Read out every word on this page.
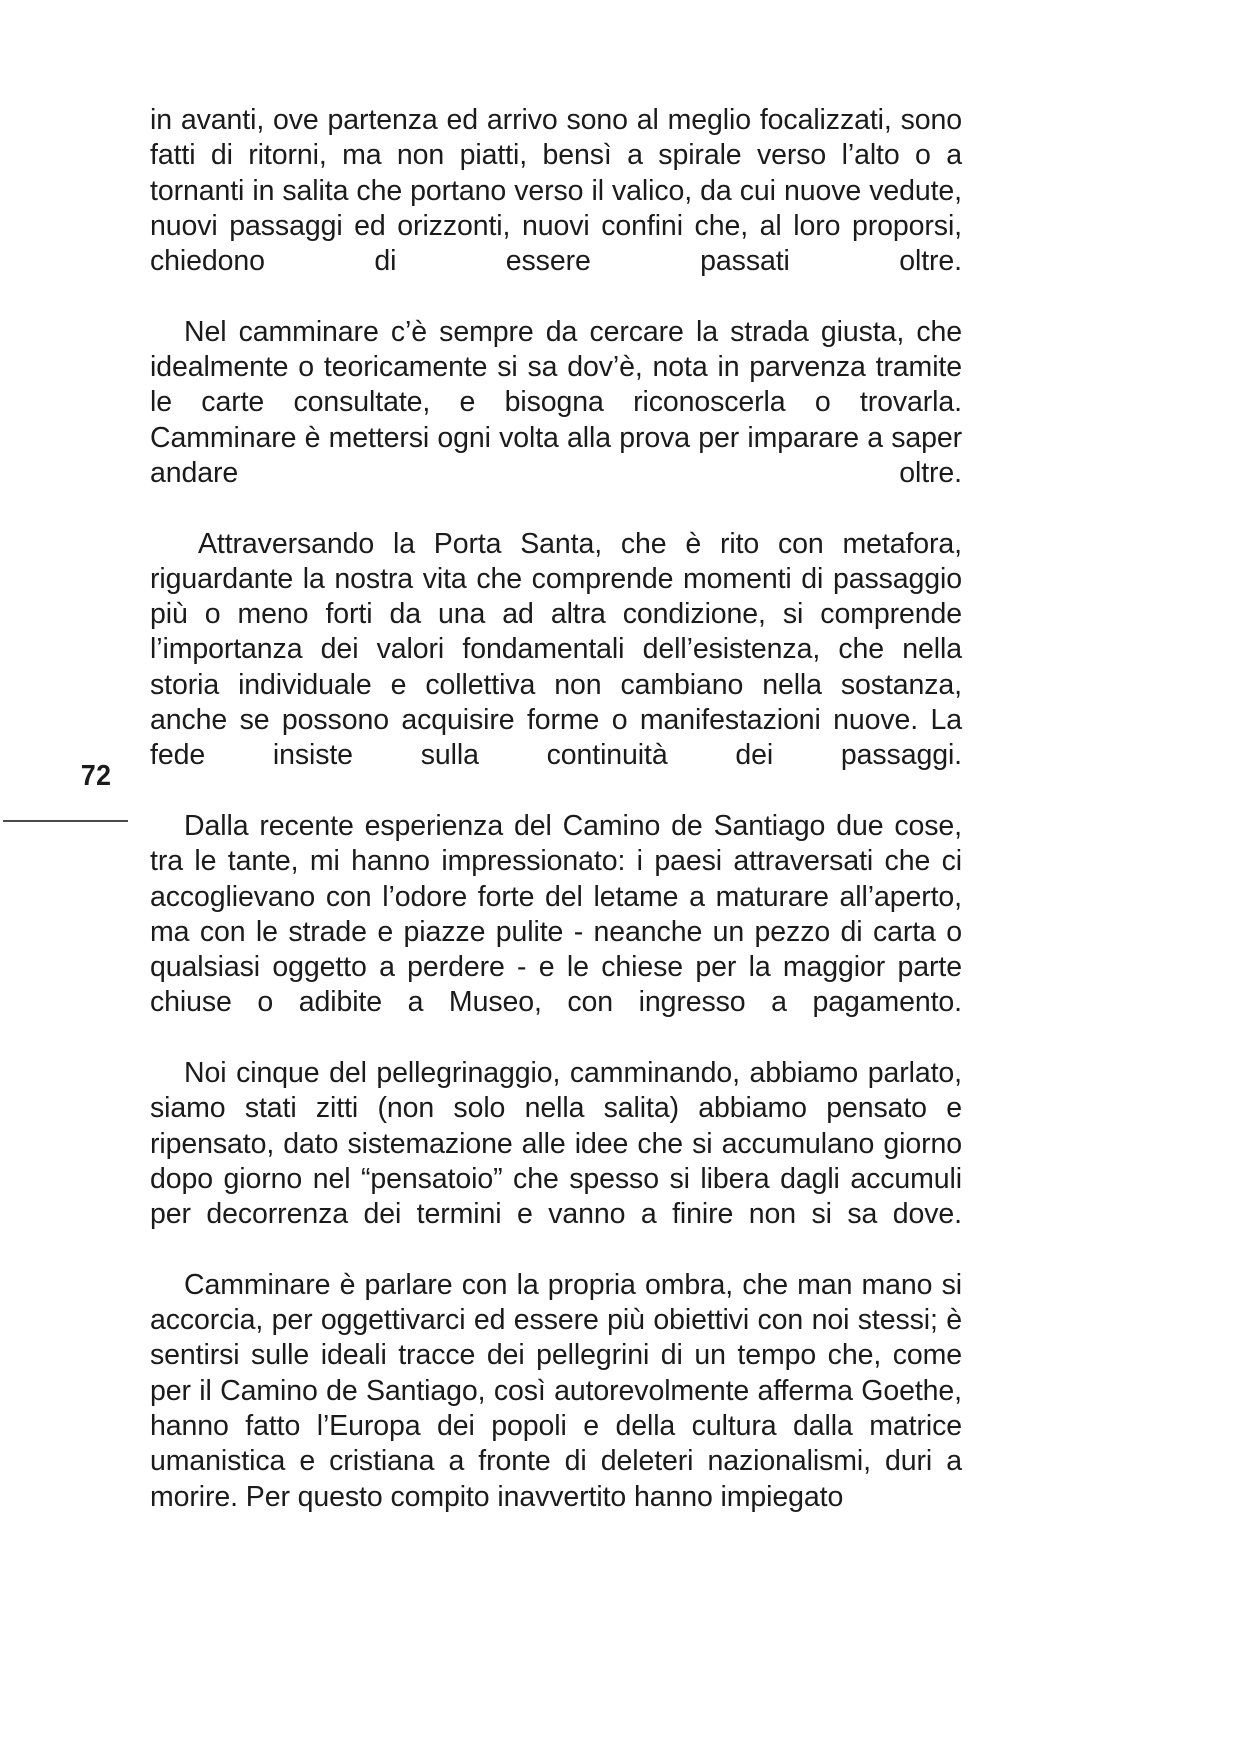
72

in avanti, ove partenza ed arrivo sono al meglio focalizzati, sono fatti di ritorni, ma non piatti, bensì a spirale verso l’alto o a tornanti in salita che portano verso il valico, da cui nuove vedute, nuovi passaggi ed orizzonti, nuovi confini che, al loro proporsi, chiedono di essere passati oltre.

Nel camminare c’è sempre da cercare la strada giusta, che idealmente o teoricamente si sa dov’è, nota in parvenza tramite le carte consultate, e bisogna riconoscerla o trovarla. Camminare è mettersi ogni volta alla prova per imparare a saper andare oltre.

Attraversando la Porta Santa, che è rito con metafora, riguardante la nostra vita che comprende momenti di passaggio più o meno forti da una ad altra condizione, si comprende l’importanza dei valori fondamentali dell’esistenza, che nella storia individuale e collettiva non cambiano nella sostanza, anche se possono acquisire forme o manifestazioni nuove. La fede insiste sulla continuità dei passaggi.

Dalla recente esperienza del Camino de Santiago due cose, tra le tante, mi hanno impressionato: i paesi attraversati che ci accoglievano con l’odore forte del letame a maturare all’aperto, ma con le strade e piazze pulite - neanche un pezzo di carta o qualsiasi oggetto a perdere - e le chiese per la maggior parte chiuse o adibite a Museo, con ingresso a pagamento.

Noi cinque del pellegrinaggio, camminando, abbiamo parlato, siamo stati zitti (non solo nella salita) abbiamo pensato e ripensato, dato sistemazione alle idee che si accumulano giorno dopo giorno nel “pensatoio” che spesso si libera dagli accumuli per decorrenza dei termini e vanno a finire non si sa dove.

Camminare è parlare con la propria ombra, che man mano si accorcia, per oggettivarci ed essere più obiettivi con noi stessi; è sentirsi sulle ideali tracce dei pellegrini di un tempo che, come per il Camino de Santiago, così autorevolmente afferma Goethe, hanno fatto l’Europa dei popoli e della cultura dalla matrice umanistica e cristiana a fronte di deleteri nazionalismi, duri a morire. Per questo compito inavvertito hanno impiegato
